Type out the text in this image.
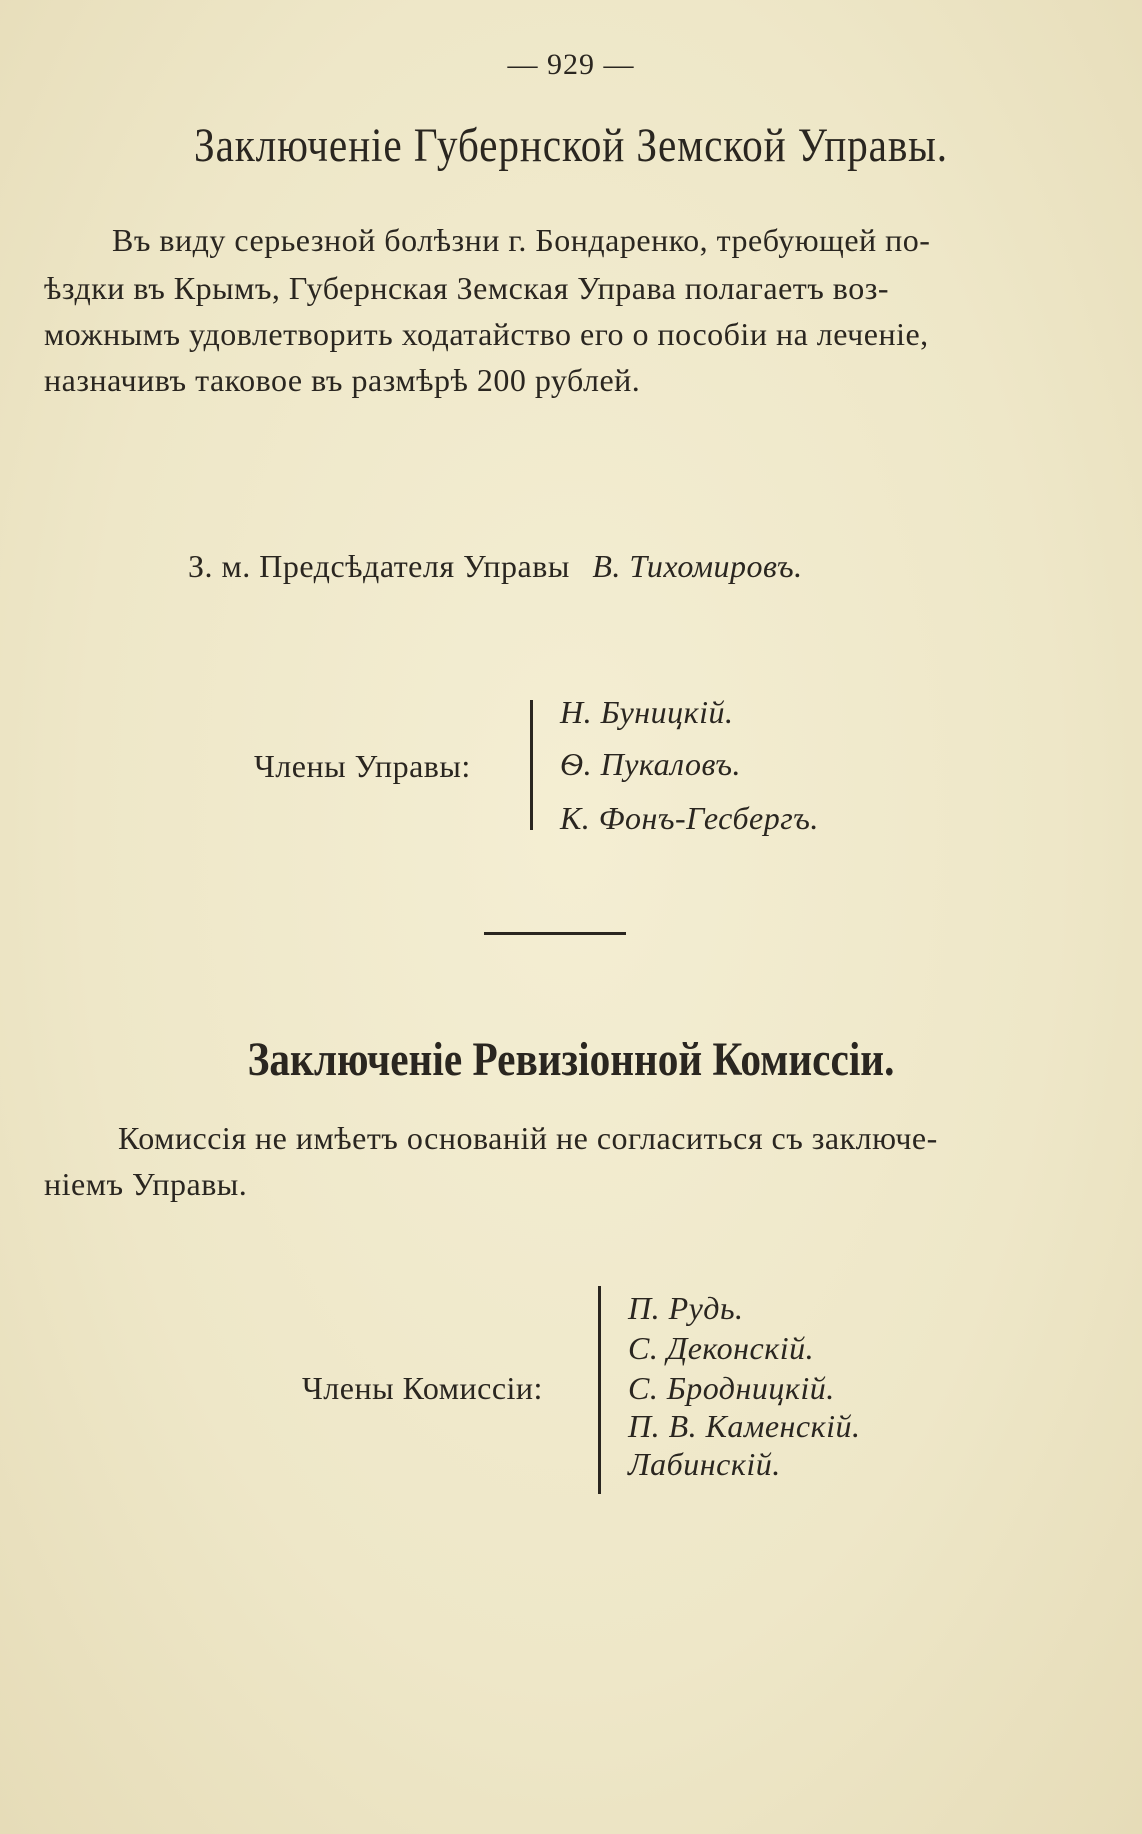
— 929 —
Заключеніе Губернской Земской Управы.
Въ виду серьезной болѣзни г. Бондаренко, требующей по-
ѣздки въ Крымъ, Губернская Земская Управа полагаетъ воз-
можнымъ удовлетворить ходатайство его о пособіи на леченіе,
назначивъ таковое въ размѣрѣ 200 рублей.
З. м. Предсѣдателя Управы В. Тихомировъ.
Члены Управы:
Н. Буницкій.
Ѳ. Пукаловъ.
К. Фонъ-Гесбергъ.
Заключеніе Ревизіонной Комиссіи.
Комиссія не имѣетъ основаній не согласиться съ заключе-
ніемъ Управы.
Члены Комиссіи:
П. Рудь.
С. Деконскій.
С. Бродницкій.
П. В. Каменскій.
Лабинскій.
